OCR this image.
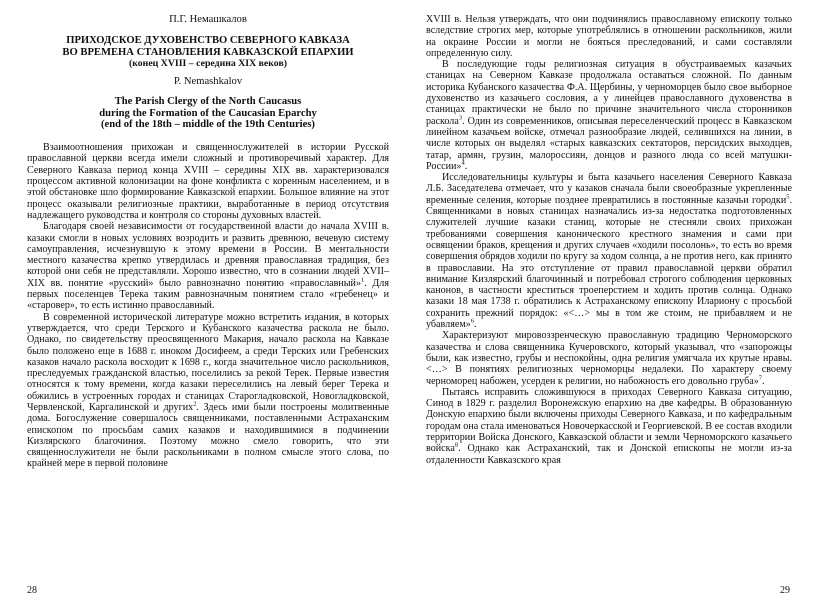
П.Г. Немашкалов
ПРИХОДСКОЕ ДУХОВЕНСТВО СЕВЕРНОГО КАВКАЗА
ВО ВРЕМЕНА СТАНОВЛЕНИЯ КАВКАЗСКОЙ ЕПАРХИИ
(конец XVIII – середина XIX веков)
P. Nemashkalov
The Parish Clergy of the North Caucasus
during the Formation of the Caucasian Eparchy
(end of the 18th – middle of the 19th Centuries)

Взаимоотношения прихожан и священнослужителей в истории Русской православной церкви всегда имели сложный и противоречивый характер. Для Северного Кавказа период конца XVIII – середины XIX вв. характеризовался процессом активной колонизации на фоне конфликта с коренным населением, и в этой обстановке шло формирование Кавказской епархии. Большое влияние на этот процесс оказывали религиозные практики, выработанные в период отсутствия надлежащего руководства и контроля со стороны духовных властей.

Благодаря своей независимости от государственной власти до начала XVIII в. казаки смогли в новых условиях возродить и развить древнюю, вечевую систему самоуправления, исчезнувшую к этому времени в России. В ментальности местного казачества крепко утвердилась и древняя православная традиция, без которой они себя не представляли. Хорошо известно, что в сознании людей XVII–XIX вв. понятие «русский» было равнозначно понятию «православный»$^1$. Для первых поселенцев Терека таким равнозначным понятием стало «гребенец» и «старовер», то есть истинно православный.

В современной исторической литературе можно встретить издания, в которых утверждается, что среди Терского и Кубанского казачества раскола не было. Однако, по свидетельству преосвященного Макария, начало раскола на Кавказе было положено еще в 1688 г. иноком Досифеем, а среди Терских или Гребенских казаков начало раскола восходит к 1698 г., когда значительное число раскольников, преследуемых гражданской властью, поселились за рекой Терек. Первые известия относятся к тому времени, когда казаки переселились на левый берег Терека и обжились в устроенных городах и станицах Старогладковской, Новогладковской, Червленской, Каргалинской и других$^2$. Здесь ими были построены молитвенные дома. Богослужение совершалось священниками, поставленными Астраханским епископом по просьбам самих казаков и находившимися в подчинении Кизлярского благочиния. Поэтому можно смело говорить, что эти священнослужители не были раскольниками в полном смысле этого слова, по крайней мере в первой половине

28

XVIII в. Нельзя утверждать, что они подчинялись православному епископу только вследствие строгих мер, которые употреблялись в отношении раскольников, жили на окраине России и могли не бояться преследований, и сами составляли определенную силу.

В последующие годы религиозная ситуация в обустраиваемых казачьих станицах на Северном Кавказе продолжала оставаться сложной. По данным историка Кубанского казачества Ф.А. Щербины, у черноморцев было свое выборное духовенство из казачьего сословия, а у линейцев православного духовенства в станицах практически не было по причине значительного числа сторонников раскола$^3$. Один из современников, описывая переселенческий процесс в Кавказском линейном казачьем войске, отмечал разнообразие людей, селившихся на линии, в числе которых он выделял «старых кавказских сектаторов, персидских выходцев, татар, армян, грузин, малороссиян, донцов и разного люда со всей матушки-России»$^4$.

Исследовательницы культуры и быта казачьего населения Северного Кавказа Л.Б. Заседателева отмечает, что у казаков сначала были своеобразные укрепленные временные селения, которые позднее превратились в постоянные казачьи городки$^5$. Священниками в новых станицах назначались из-за недостатка подготовленных служителей лучшие казаки станиц, которые не стесняли своих прихожан требованиями совершения канонического крестного знамения и сами при освящении браков, крещения и других случаев «ходили посолонь», то есть во время совершения обрядов ходили по кругу за ходом солнца, а не против него, как принято в православии. На это отступление от правил православной церкви обратил внимание Кизлярский благочинный и потребовал строгого соблюдения церковных канонов, в частности креститься троеперстием и ходить против солнца. Однако казаки 18 мая 1738 г. обратились к Астраханскому епископу Илариону с просьбой сохранить прежний порядок: «<…> мы в том же стоим, не прибавляем и не убавляем»$^6$.

Характеризуют мировоззренческую православную традицию Черноморского казачества и слова священника Кучеровского, который указывал, что «запорожцы были, как известно, грубы и неспокойны, одна религия умягчала их крутые нравы.<…> В понятиях религиозных черноморцы недалеки. По характеру своему черноморец набожен, усерден к религии, но набожность его довольно груба»$^7$.

Пытаясь исправить сложившуюся в приходах Северного Кавказа ситуацию, Синод в 1829 г. разделил Воронежскую епархию на две кафедры. В образованную Донскую епархию были включены приходы Северного Кавказа, и по кафедральным городам она стала именоваться Новочеркасской и Георгиевской. В ее состав входили территории Войска Донского, Кавказской области и земли Черноморского казачьего войска$^8$. Однако как Астраханский, так и Донской епископы не могли из-за отдаленности Кавказского края

29
